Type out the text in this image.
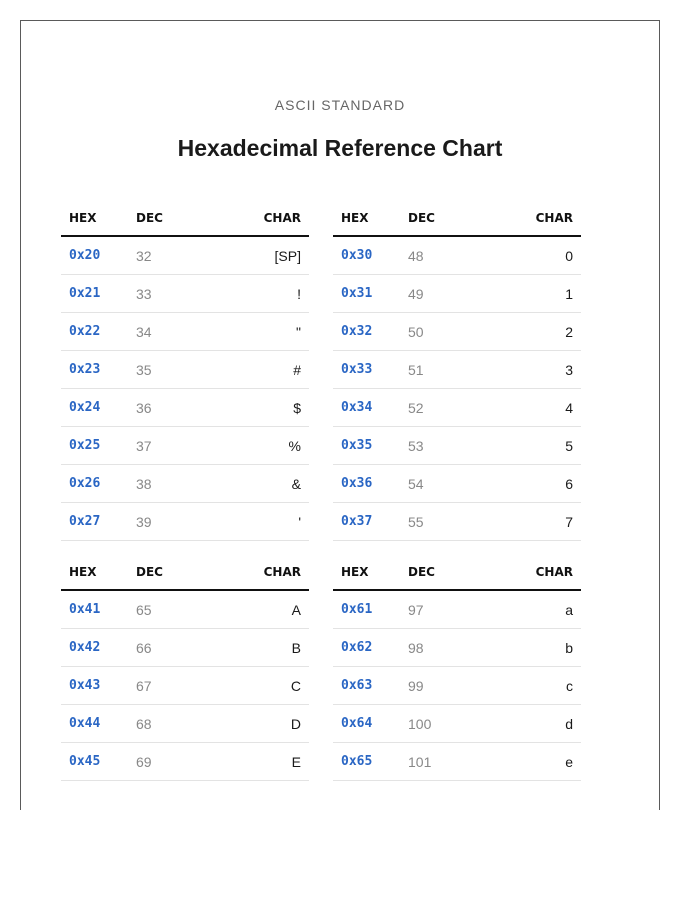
ASCII STANDARD
Hexadecimal Reference Chart
HEX	DEC	CHAR
0x20	32	[SP]
0x21	33	!
0x22	34	"
0x23	35	#
0x24	36	$
0x25	37	%
0x26	38	&
0x27	39	'
HEX	DEC	CHAR
0x30	48	0
0x31	49	1
0x32	50	2
0x33	51	3
0x34	52	4
0x35	53	5
0x36	54	6
0x37	55	7
HEX	DEC	CHAR
0x41	65	A
0x42	66	B
0x43	67	C
0x44	68	D
0x45	69	E
HEX	DEC	CHAR
0x61	97	a
0x62	98	b
0x63	99	c
0x64	100	d
0x65	101	e
